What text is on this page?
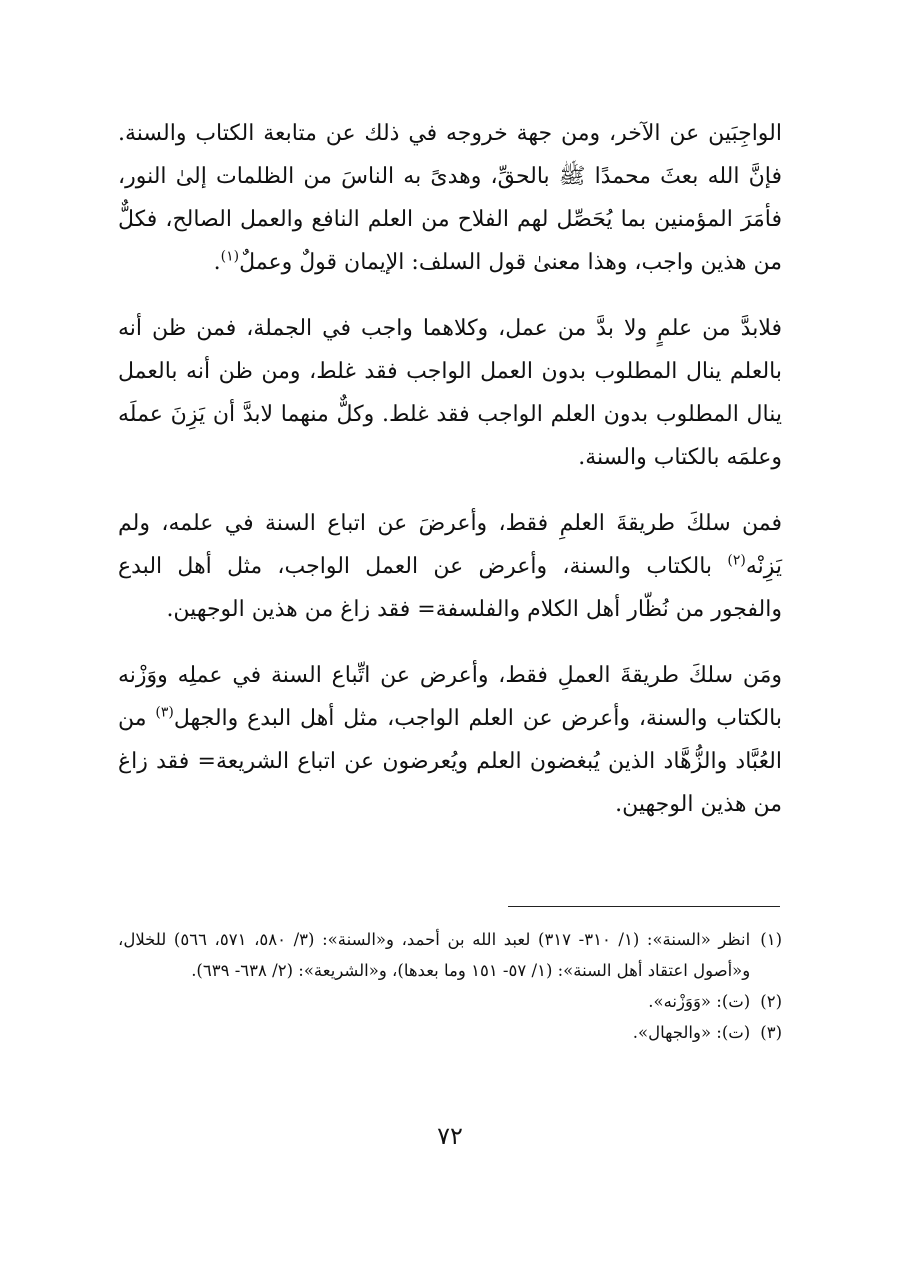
الواجِبَين عن الآخر، ومن جهة خروجه في ذلك عن متابعة الكتاب والسنة. فإنَّ الله بعثَ محمدًا ﷺ بالحقِّ، وهدىً به الناسَ من الظلمات إلىٰ النور، فأمَرَ المؤمنين بما يُحَصِّل لهم الفلاح من العلم النافع والعمل الصالح، فكلٌّ من هذين واجب، وهذا معنىٰ قول السلف: الإيمان قولٌ وعملٌ$^{(١)}$.

فلابدَّ من علمٍ ولا بدَّ من عمل، وكلاهما واجب في الجملة، فمن ظن أنه بالعلم ينال المطلوب بدون العمل الواجب فقد غلط، ومن ظن أنه بالعمل ينال المطلوب بدون العلم الواجب فقد غلط. وكلٌّ منهما لابدَّ أن يَزِنَ عملَه وعلمَه بالكتاب والسنة.

فمن سلكَ طريقةَ العلمِ فقط، وأعرضَ عن اتباع السنة في علمه، ولم يَزِنْه$^{(٢)}$ بالكتاب والسنة، وأعرض عن العمل الواجب، مثل أهل البدع والفجور من نُظّار أهل الكلام والفلسفة= فقد زاغ من هذين الوجهين.

ومَن سلكَ طريقةَ العملِ فقط، وأعرض عن اتِّباع السنة في عملِه ووَزْنه بالكتاب والسنة، وأعرض عن العلم الواجب، مثل أهل البدع والجهل$^{(٣)}$ من العُبَّاد والزُّهَّاد الذين يُبغضون العلم ويُعرضون عن اتباع الشريعة= فقد زاغ من هذين الوجهين.

(١)
انظر «السنة»: (١/ ٣١٠- ٣١٧) لعبد الله بن أحمد، و«السنة»: (٣/ ٥٨٠، ٥٧١، ٥٦٦) للخلال، و«أصول اعتقاد أهل السنة»: (١/ ٥٧- ١٥١ وما بعدها)، و«الشريعة»: (٢/ ٦٣٨- ٦٣٩).
(٢)
(ت): «وَوَزْنه».
(٣)
(ت): «والجهال».
٧٢
